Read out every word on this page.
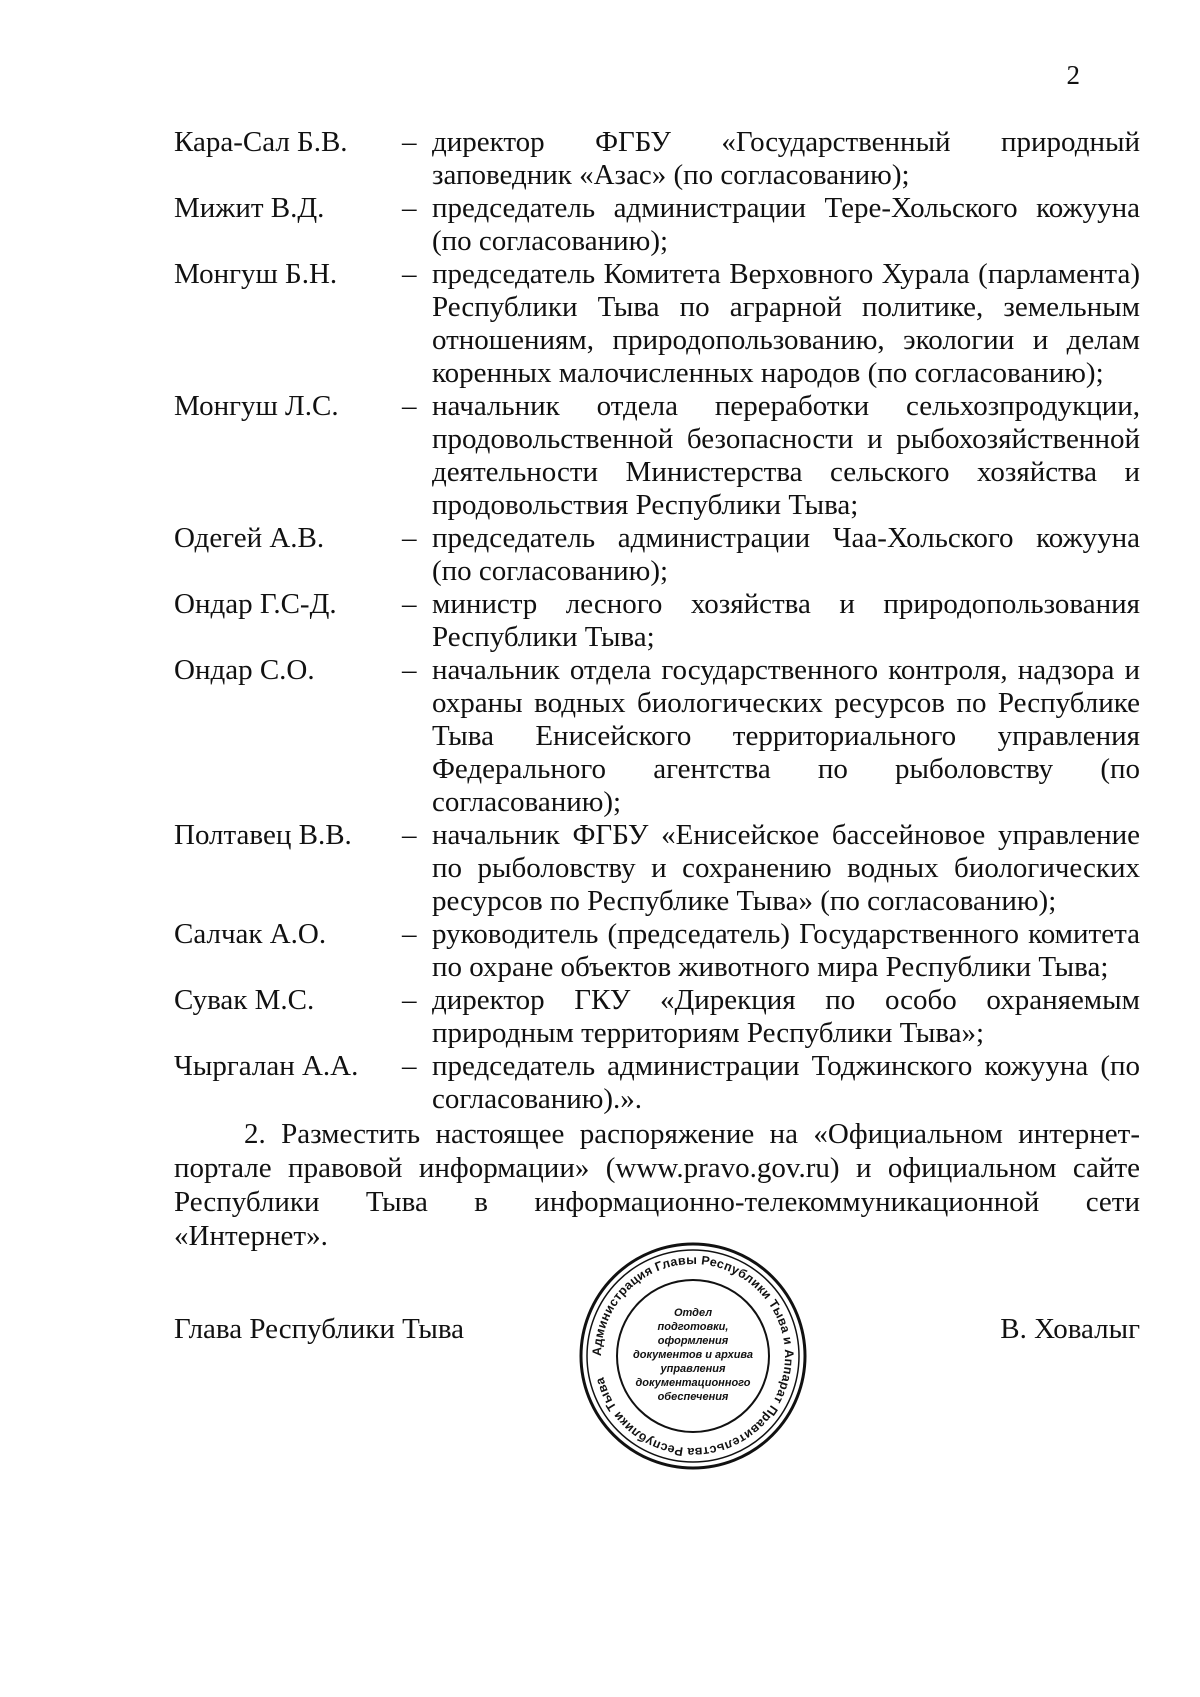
2
Кара-Сал Б.В.	– директор ФГБУ «Государственный природный заповедник «Азас» (по согласованию);
Мижит В.Д.	– председатель администрации Тере-Хольского кожууна (по согласованию);
Монгуш Б.Н.	– председатель Комитета Верховного Хурала (парламента) Республики Тыва по аграрной политике, земельным отношениям, природопользованию, экологии и делам коренных малочисленных народов (по согласованию);
Монгуш Л.С.	– начальник отдела переработки сельхозпродукции, продовольственной безопасности и рыбохозяйственной деятельности Министерства сельского хозяйства и продовольствия Республики Тыва;
Одегей А.В.	– председатель администрации Чаа-Хольского кожууна (по согласованию);
Ондар Г.С-Д.	– министр лесного хозяйства и природопользования Республики Тыва;
Ондар С.О.	– начальник отдела государственного контроля, надзора и охраны водных биологических ресурсов по Республике Тыва Енисейского территориального управления Федерального агентства по рыболовству (по согласованию);
Полтавец В.В.	– начальник ФГБУ «Енисейское бассейновое управление по рыболовству и сохранению водных биологических ресурсов по Республике Тыва» (по согласованию);
Салчак А.О.	– руководитель (председатель) Государственного комитета по охране объектов животного мира Республики Тыва;
Сувак М.С.	– директор ГКУ «Дирекция по особо охраняемым природным территориям Республики Тыва»;
Чыргалан А.А.	– председатель администрации Тоджинского кожууна (по согласованию).».
2. Разместить настоящее распоряжение на «Официальном интернет-портале правовой информации» (www.pravo.gov.ru) и официальном сайте Республики Тыва в информационно-телекоммуникационной сети «Интернет».
Глава Республики Тыва	В. Ховалыг
Администрация Главы Республики Тыва и Аппарат Правительства Республики Тыва
Отдел
подготовки,
оформления
документов и архива
управления
документационного
обеспечения
